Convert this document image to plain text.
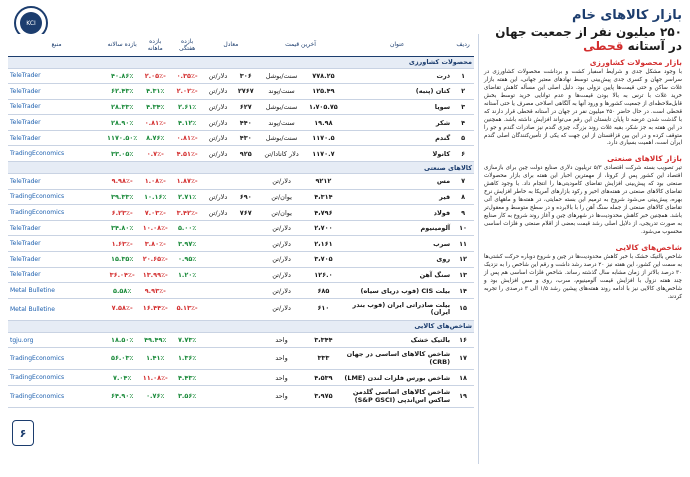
KCI	بازار کالاهای خام
۲۵۰ میلیون نفر از جمعیت جهان
در آستانه قحطی
ردیف	عنوان	آخرین قیمت		معادل		بازده هفتگی	بازده ماهانه	بازده سالانه	منبع
محصولات کشاورزی									
۱	ذرت	۷۷۸.۲۵	سنت/بوشل	۳۰۶	دلار/تن	-۰.۳۵٪	-۲.۰۵٪	۴۰.۸۶٪	TeleTrader
۲	کتان (پنبه)	۱۲۵.۴۹	سنت/پوند	۲۷۶۷	دلار/تن	-۲.۰۲٪	۴.۳۱٪	۶۲.۴۳٪	TeleTrader
۳	سویا	۱،۷۰۵.۷۵	سنت/بوشل	۶۲۷	دلار/تن	۲.۶۱٪	۴.۳۴٪	۲۸.۳۳٪	TeleTrader
۴	شکر	۱۹.۹۸	سنت/پوند	۴۴۰	دلار/تن	۴.۱۲٪	-۰.۸۱٪	۲۸.۹۰٪	TeleTrader
۵	گندم	۱۱۷۰.۵	سنت/بوشل	۴۳۰	دلار/تن	-۰.۸۱٪	۸.۷۶٪	۱۱۷۰.۵۰٪	TeleTrader
۶	کانولا	۱۱۷۰.۷	دلار کانادا/تن	۹۲۵	دلار/تن	-۴.۵۱٪	-۰.۷٪	۳۳.۰۵٪	TradingEconomics
کالاهای صنعتی									
۷	مس	۹۲۱۲	دلار/تن			-۱.۸۷٪	-۱.۰۸٪	-۹.۹۸٪	TeleTrader
۸	قیر	۴،۳۱۴	یوان/تن	۶۹۰	دلار/تن	۲.۷۱٪	۱۰.۱۶٪	۳۹.۳۳٪	TradingEconomics
۹	فولاد	۴،۷۹۶	یوان/تن	۷۶۷	دلار/تن	-۳.۴۲٪	-۷.۰۳٪	-۶.۲۳٪	TradingEconomics
۱۰	آلومینیوم	۲،۷۰۰	دلار/تن			۵.۰۰٪	-۱۰.۰۸٪	۳۴.۸۰٪	TeleTrader
۱۱	سرب	۲،۱۶۱	دلار/تن			۳.۹۷٪	-۳.۸۰٪	-۱.۶۳٪	TeleTrader
۱۲	روی	۳،۷۰۵	دلار/تن			۰.۹۵٪	-۲۰.۶۵٪	۱۵.۳۵٪	TeleTrader
۱۳	سنگ آهن	۱۲۶.۰	دلار/تن			۱.۲۰٪	-۱۳.۹۹٪	-۳۶.۰۴٪	TeleTrader
۱۴	بیلت CIS (فوب دریای سیاه)	۶۸۵	دلار/تن				-۹.۹۳٪	۵.۵۸٪	Metal Bulletine
۱۵	بیلت صادراتی ایران (فوب بندر ایران)	۶۱۰	دلار/تن			-۵.۱۳٪	-۱۶.۴۴٪	-۷.۵۸٪	Metal Bulletine
شاخص‌های کالایی									
۱۶	بالتیک خشک	۳،۳۴۴	واحد			۷.۷۳٪	۴۹.۴۹٪	۱۸.۵۰٪	tgju.org
۱۷	شاخص کالاهای اساسی در جهان (CRB)	۳۳۳	واحد			۱.۳۶٪	۱.۴۱٪	۵۶.۰۳٪	TradingEconomics
۱۸	شاخص بورس فلزات لندن (LME)	۴،۵۳۹	واحد			۴.۴۳٪	-۱۱.۰۸٪	۷.۰۴٪	TradingEconomics
۱۹	شاخص کالاهای اساسی گلدمن ساکس اس‌اندپی (S&P GSCI)	۳،۹۷۵	واحد			۳.۵۶٪	۰.۷۶٪	۶۴.۹۰٪	TradingEconomics
بازار محصولات کشاورزی

با وجود مشکل جدی و شرایط اسفبار کشت و برداشت محصولات کشاورزی در سراسر جهان و کسری جدی پیش‌بینی توسط نهادهای معتبر جهانی، این هفته بازار غلات ساکن و حتی قیمت‌ها پایین نزولی بود. دلیل اصلی این مسأله کاهش تقاضای خرید غلات با ترس به بالا بودن قیمت‌ها و عدم توانایی خرید توسط بخش قابل‌ملاحظه‌ای از جمعیت کشورها و ورود آنها به آلگاهی اصلاحی مصرف یا حتی آستانه قحطی است. در حال حاضر ۲۵۰ میلیون نفر در جهان در آستانه قحطی قرار دارند که با گذشت شدن عرضه تا پایان تابستان این رقم می‌تواند افزایش داشته باشد. همچنین در این هفته به جز شکر، بقیه غلات روند بزرگ، چیزی گندم نیز صادرات گندم و جو را متوقف کرده و در این بین قزاقستان از این جهت که یکی از تأمین‌کنندگان اصلی گندم ایران است، اهمیت بسیاری دارد.

بازار کالاهای صنعتی

تیر تصویب بسته شرکت اقتصادی ۵/۳ تریلیون دلاری صنایع دولت چین برای بازسازی اقتصاد این کشور پس از کرونا، از مهمترین اخبار این هفته برای بازار محصولات صنعتی بود که پیش‌بینی افزایش تقاضای کامودیتی‌ها را انتجام داد. با وجود کاهش تقاضای کالاهای صنعتی در هفته‌های اخیر و رکود بازارهای آمریکا به خاطر افزایش نرخ بهره، پیش‌بینی می‌شود شروع به ترمیم این بسته حمایتی، در هفته‌ها و ماههای آتی تقاضای کالاهای صنعتی از جمله سنگ آهن را با بالابرده و در سطح متوسط و معقول‌تر باشد. همچنین خبر کاهش محدودیت‌ها در شهرهای چین و آغاز روند شروع به کار صنایع به صورت تدریجی، از دلایل اصلی رشد قیمت بعضی از اقلام صنعتی و فلزات اساسی محسوب می‌شود.

شاخص‌های کالایی

شاخص بالتیک خشک با خبر کاهش محدودیت‌ها در چین و شروع دوباره حرکت کشتی‌ها به سمت این کشور، این هفته نیز ۲۰ درصد رشد داشت و رقم این شاخص را به نزدیک ۳۰ درصد بالاتر از زمان مشابه سال گذشته رساند. شاخص فلزات اساسی هم پس از چند هفته نزول با افزایش قیمت آلومینیوم، سرب، روی و مس افزایش بود و شاخص‌های کالایی نیز با ادامه روند هفته‌های پیشین رشد ۱/۵ الی ۳ درصدی را تجربه کردند.

۶
